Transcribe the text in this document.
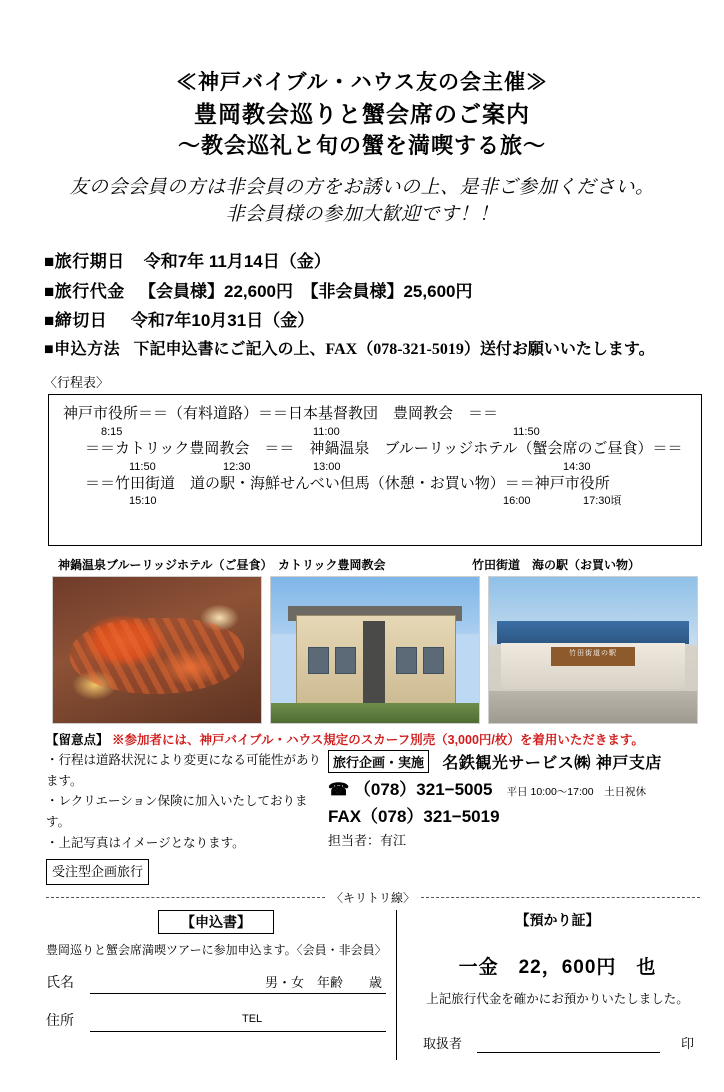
≪神戸バイブル・ハウス友の会主催≫
豊岡教会巡りと蟹会席のご案内
〜教会巡礼と旬の蟹を満喫する旅〜
友の会会員の方は非会員の方をお誘いの上、是非ご参加ください。
非会員様の参加大歓迎です！！
■旅行期日 令和7年 11月14日（金）
■旅行代金 【会員様】22,600円　【非会員様】25,600円
■締切日 令和7年10月31日（金）
■申込方法 下記申込書にご記入の上、FAX（078-321-5019）送付お願いいたします。
〈行程表〉
神戸市役所＝＝（有料道路）＝＝日本基督教団　豊岡教会　＝＝
8:15	11:00	11:50
＝＝カトリック豊岡教会　＝＝　神鍋温泉　ブルーリッジホテル（蟹会席のご昼食）＝＝
11:50	12:30	13:00	14:30
＝＝竹田街道　道の駅・海鮮せんべい但馬（休憩・お買い物）＝＝神戸市役所
15:10	16:00	17:30頃
神鍋温泉ブルーリッジホテル（ご昼食） カトリック豊岡教会	竹田街道　海の駅（お買い物）
竹田街道の駅
【留意点】 ※参加者には、神戸バイブル・ハウス規定のスカーフ別売（3,000円/枚）を着用いただきます。
・行程は道路状況により変更になる可能性があります。
・レクリエーション保険に加入いたしております。
・上記写真はイメージとなります。
受注型企画旅行
旅行企画・実施 名鉄観光サービス㈱ 神戸支店
☎ （078）321−5005 平日 10:00〜17:00　土日祝休
FAX（078）321−5019
担当者：有江
〈キリトリ線〉
【申込書】
豊岡巡りと蟹会席満喫ツアーに参加申込ます。〈会員・非会員〉
氏名	男・女　年齢　　歳
住所	TEL
【預かり証】
一金　22，600円　也
上記旅行代金を確かにお預かりいたしました。
取扱者	印
